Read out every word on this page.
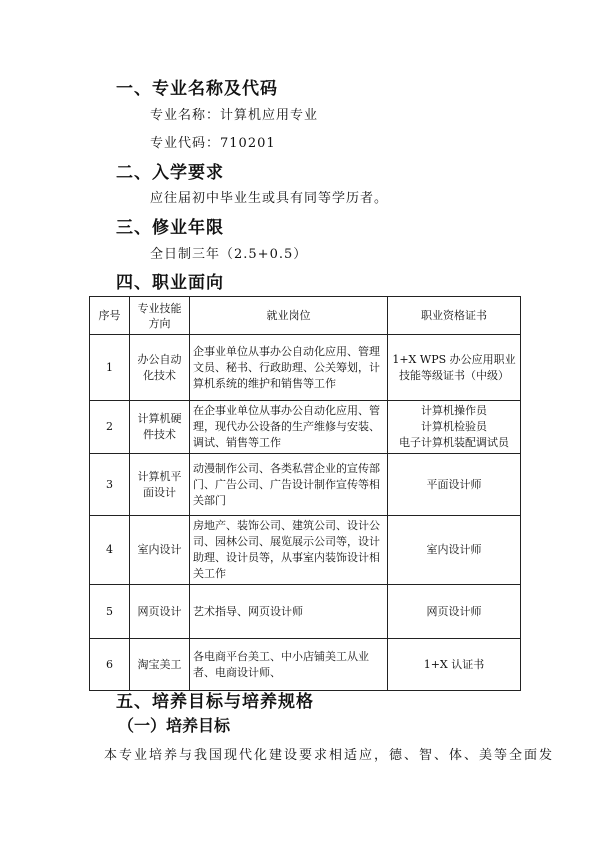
一、专业名称及代码
专业名称：计算机应用专业
专业代码：710201
二、入学要求
应往届初中毕业生或具有同等学历者。
三、修业年限
全日制三年（2.5+0.5）
四、职业面向
序号	专业技能方向	就业岗位	职业资格证书
1	办公自动化技术	企事业单位从事办公自动化应用、管理文员、秘书、行政助理、公关筹划，计算机系统的维护和销售等工作	1+X WPS 办公应用职业技能等级证书（中级）
2	计算机硬件技术	在企事业单位从事办公自动化应用、管理，现代办公设备的生产维修与安装、调试、销售等工作	计算机操作员
计算机检验员
电子计算机装配调试员
3	计算机平面设计	动漫制作公司、各类私营企业的宣传部门、广告公司、广告设计制作宣传等相关部门	平面设计师
4	室内设计	房地产、装饰公司、建筑公司、设计公司、园林公司、展览展示公司等，设计助理、设计员等，从事室内装饰设计相关工作	室内设计师
5	网页设计	艺术指导、网页设计师	网页设计师
6	淘宝美工	各电商平台美工、中小店铺美工从业者、电商设计师、	1+X 认证书
五、培养目标与培养规格
（一）培养目标
本专业培养与我国现代化建设要求相适应，德、智、体、美等全面发
